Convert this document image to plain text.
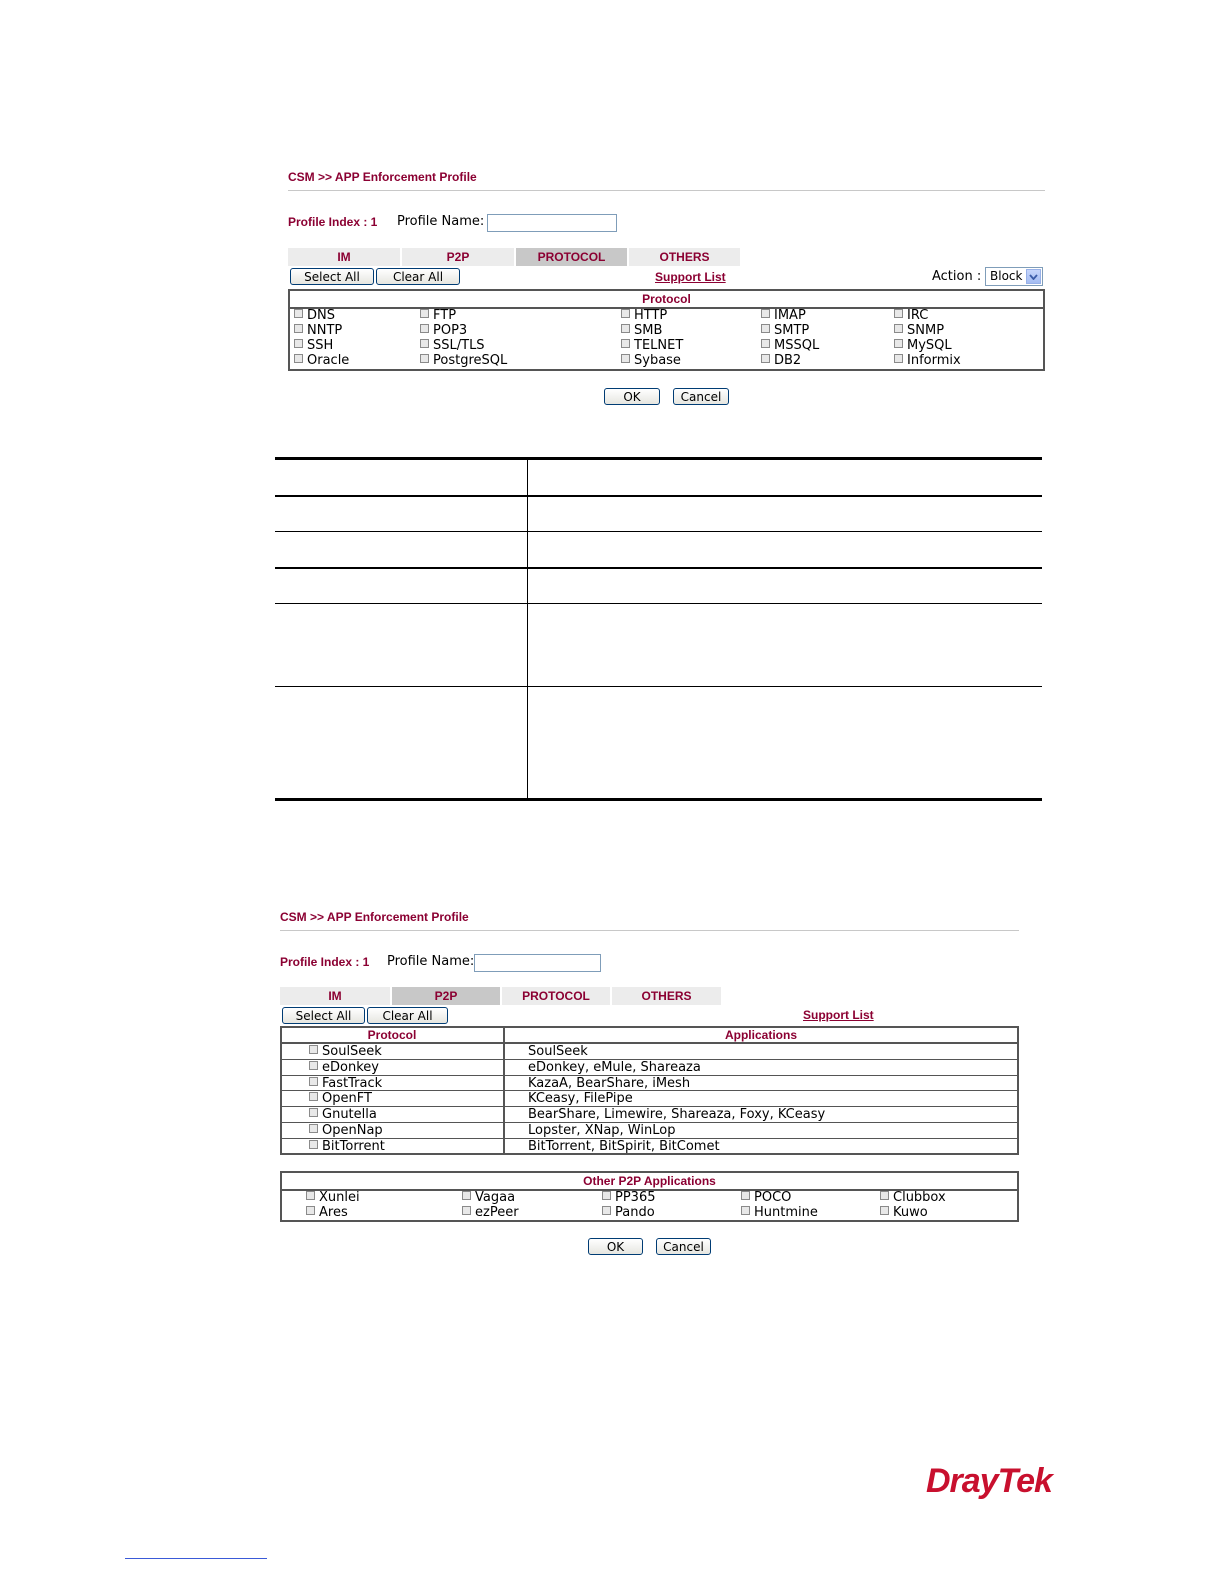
CSM >> APP Enforcement Profile
Profile Index : 1 Profile Name:
IM	P2P	PROTOCOL	OTHERS
Select All	Clear All	Support List	Action : Block
Protocol
DNS	FTP	HTTP	IMAP	IRC
NNTP	POP3	SMB	SMTP	SNMP
SSH	SSL/TLS	TELNET	MSSQL	MySQL
Oracle	PostgreSQL	Sybase	DB2	Informix
OK	Cancel
CSM >> APP Enforcement Profile
Profile Index : 1 Profile Name:
IM	P2P	PROTOCOL	OTHERS
Select All	Clear All	Support List
Protocol	Applications
SoulSeek	SoulSeek
eDonkey	eDonkey, eMule, Shareaza
FastTrack	KazaA, BearShare, iMesh
OpenFT	KCeasy, FilePipe
Gnutella	BearShare, Limewire, Shareaza, Foxy, KCeasy
OpenNap	Lopster, XNap, WinLop
BitTorrent	BitTorrent, BitSpirit, BitComet
Other P2P Applications
Xunlei	Vagaa	PP365	POCO	Clubbox
Ares	ezPeer	Pando	Huntmine	Kuwo
OK	Cancel
DrayTek
